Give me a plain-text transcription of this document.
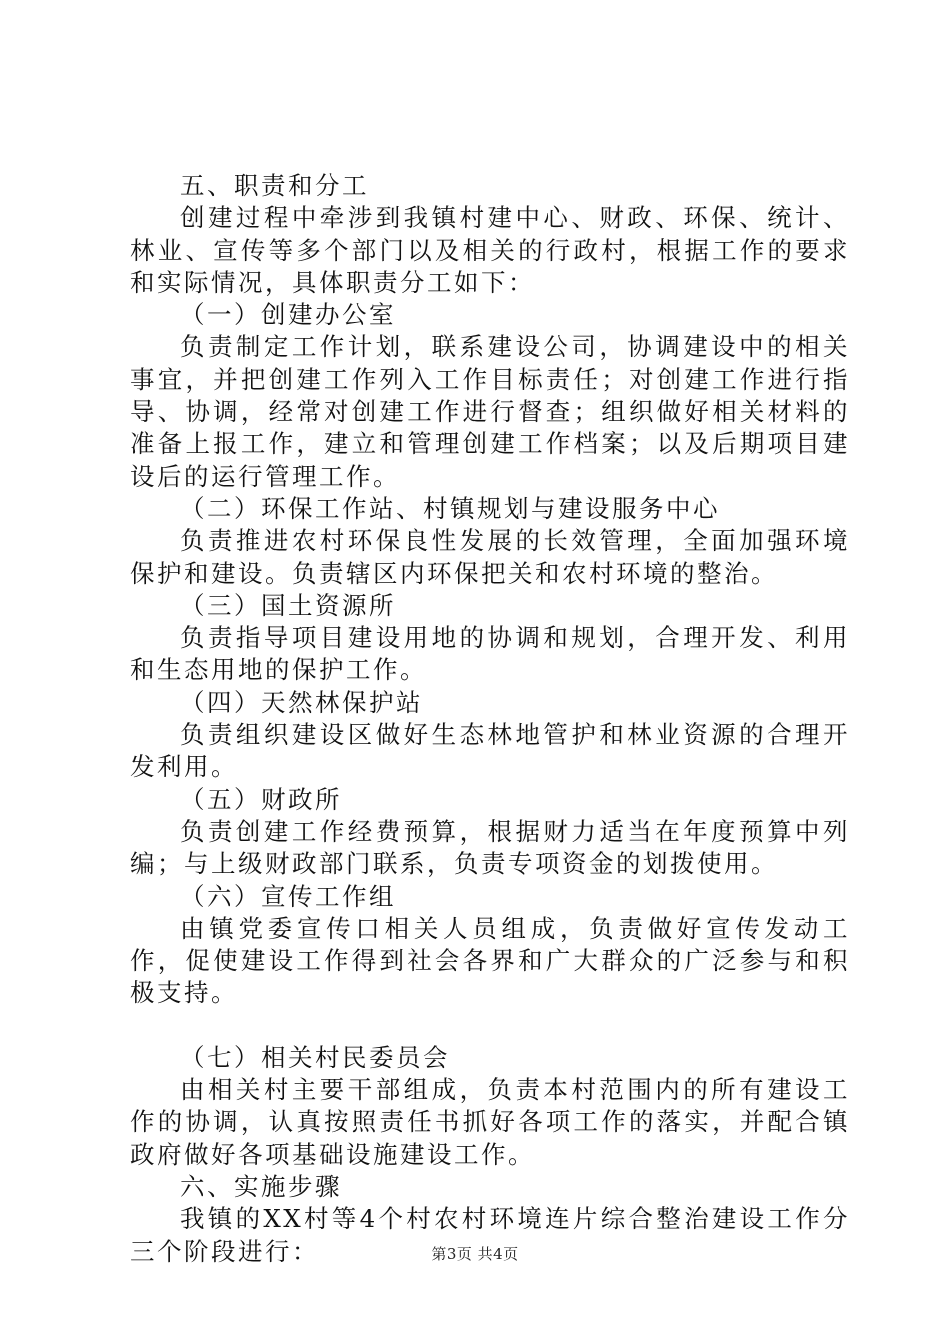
五、职责和分工

创建过程中牵涉到我镇村建中心、财政、环保、统计、林业、宣传等多个部门以及相关的行政村，根据工作的要求和实际情况，具体职责分工如下：

（一）创建办公室

负责制定工作计划，联系建设公司，协调建设中的相关事宜，并把创建工作列入工作目标责任；对创建工作进行指导、协调，经常对创建工作进行督查；组织做好相关材料的准备上报工作，建立和管理创建工作档案；以及后期项目建设后的运行管理工作。

（二）环保工作站、村镇规划与建设服务中心

负责推进农村环保良性发展的长效管理，全面加强环境保护和建设。负责辖区内环保把关和农村环境的整治。

（三）国土资源所

负责指导项目建设用地的协调和规划，合理开发、利用和生态用地的保护工作。

（四）天然林保护站

负责组织建设区做好生态林地管护和林业资源的合理开发利用。

（五）财政所

负责创建工作经费预算，根据财力适当在年度预算中列编；与上级财政部门联系，负责专项资金的划拨使用。

（六）宣传工作组

由镇党委宣传口相关人员组成，负责做好宣传发动工作，促使建设工作得到社会各界和广大群众的广泛参与和积极支持。

（七）相关村民委员会

由相关村主要干部组成，负责本村范围内的所有建设工作的协调，认真按照责任书抓好各项工作的落实，并配合镇政府做好各项基础设施建设工作。

六、实施步骤

我镇的XX村等4个村农村环境连片综合整治建设工作分三个阶段进行：	第3页 共4页
